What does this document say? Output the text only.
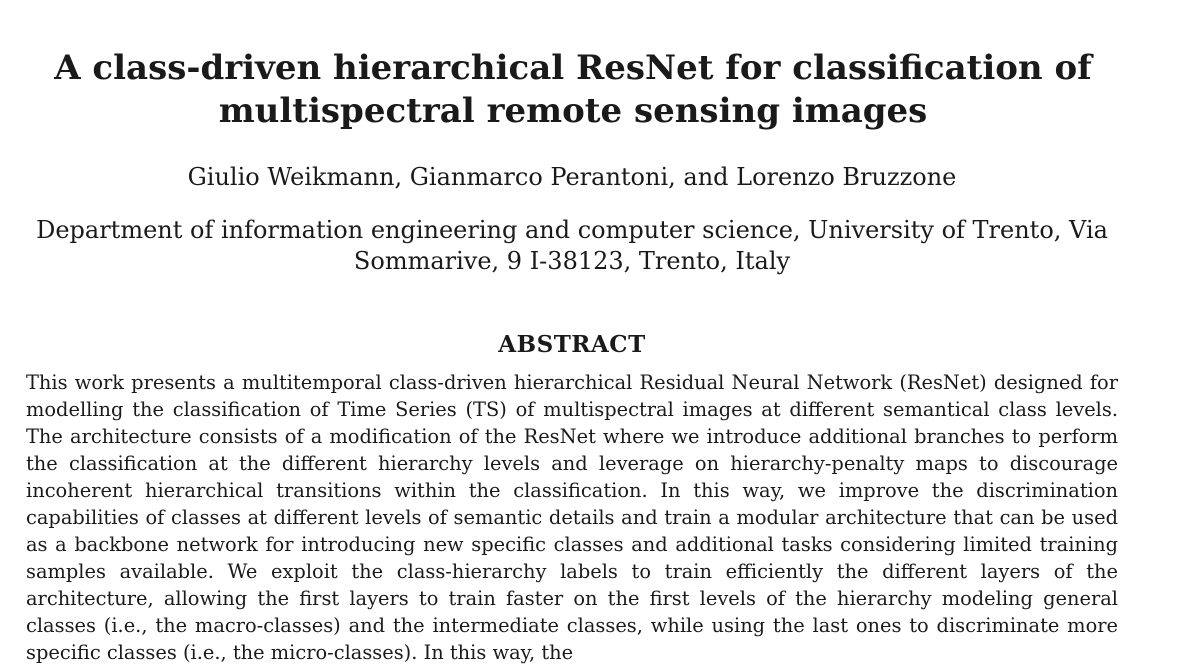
A class-driven hierarchical ResNet for classification of
multispectral remote sensing images

Giulio Weikmann, Gianmarco Perantoni, and Lorenzo Bruzzone

Department of information engineering and computer science, University of Trento, Via
Sommarive, 9 I-38123, Trento, Italy

ABSTRACT

This work presents a multitemporal class-driven hierarchical Residual Neural Network (ResNet) designed for modelling the classification of Time Series (TS) of multispectral images at different semantical class levels. The architecture consists of a modification of the ResNet where we introduce additional branches to perform the classification at the different hierarchy levels and leverage on hierarchy-penalty maps to discourage incoherent hierarchical transitions within the classification. In this way, we improve the discrimination capabilities of classes at different levels of semantic details and train a modular architecture that can be used as a backbone network for introducing new specific classes and additional tasks considering limited training samples available. We exploit the class-hierarchy labels to train efficiently the different layers of the architecture, allowing the first layers to train faster on the first levels of the hierarchy modeling general classes (i.e., the macro-classes) and the intermediate classes, while using the last ones to discriminate more specific classes (i.e., the micro-classes). In this way, the
